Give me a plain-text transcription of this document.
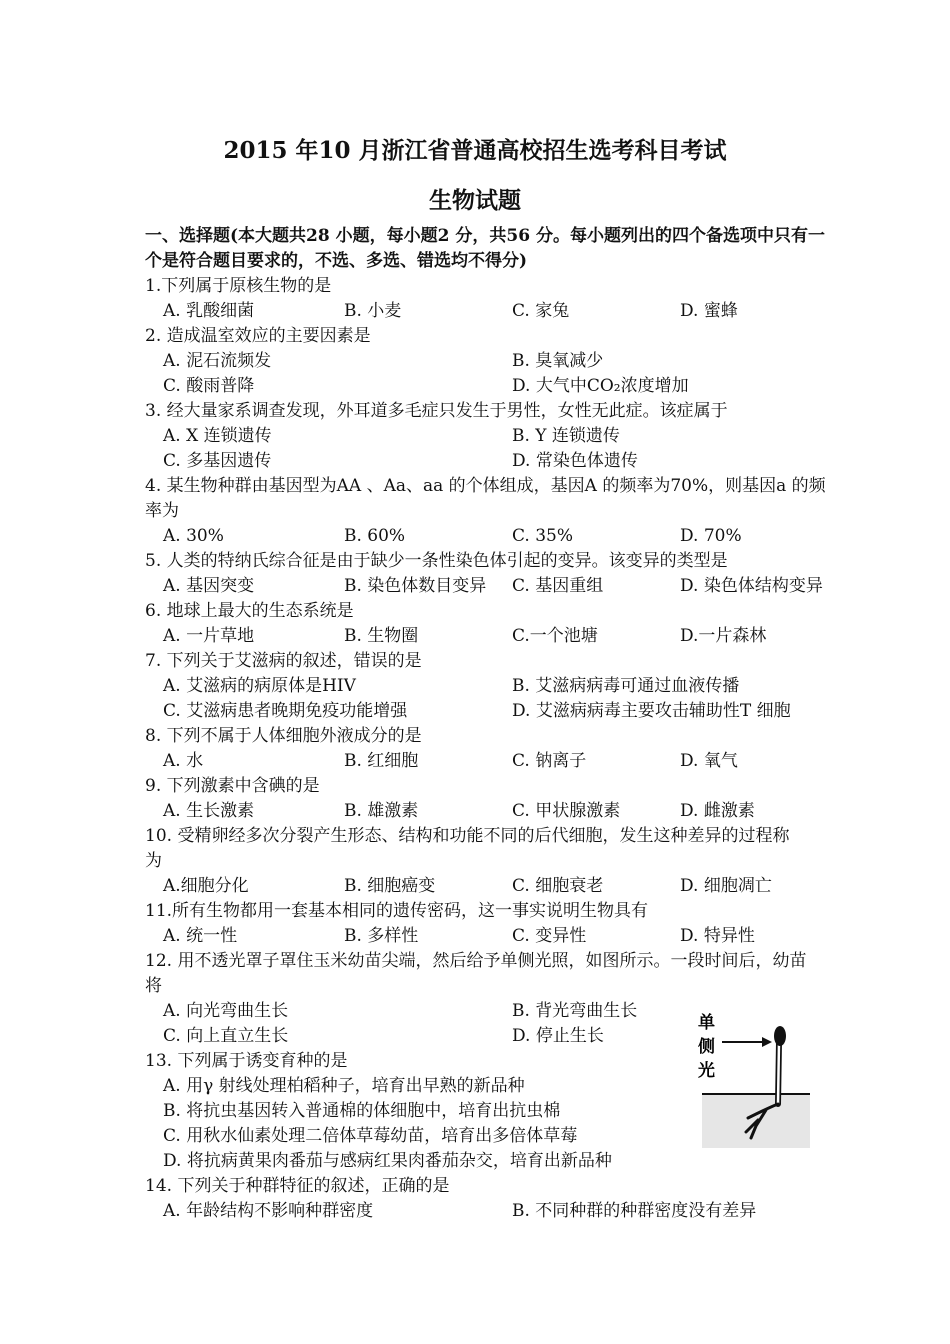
2015 年10 月浙江省普通高校招生选考科目考试
生物试题
一、选择题(本大题共28 小题，每小题2 分，共56 分。每小题列出的四个备选项中只有一
个是符合题目要求的，不选、多选、错选均不得分)
1.下列属于原核生物的是
A. 乳酸细菌	B. 小麦	C. 家兔	D. 蜜蜂
2. 造成温室效应的主要因素是
A. 泥石流频发	B. 臭氧减少
C. 酸雨普降	D. 大气中CO₂浓度增加
3. 经大量家系调查发现，外耳道多毛症只发生于男性，女性无此症。该症属于
A. X 连锁遗传	B. Y 连锁遗传
C. 多基因遗传	D. 常染色体遗传
4. 某生物种群由基因型为AA 、Aa、aa 的个体组成，基因A 的频率为70%，则基因a 的频
率为
A. 30%	B. 60%	C. 35%	D. 70%
5. 人类的特纳氏综合征是由于缺少一条性染色体引起的变异。该变异的类型是
A. 基因突变	B. 染色体数目变异 C. 基因重组	D. 染色体结构变异
6. 地球上最大的生态系统是
A. 一片草地	B. 生物圈	C.一个池塘	D.一片森林
7. 下列关于艾滋病的叙述，错误的是
A. 艾滋病的病原体是HIV	B. 艾滋病病毒可通过血液传播
C. 艾滋病患者晚期免疫功能增强	D. 艾滋病病毒主要攻击辅助性T 细胞
8. 下列不属于人体细胞外液成分的是
A. 水	B. 红细胞	C. 钠离子	D. 氧气
9. 下列激素中含碘的是
A. 生长激素	B. 雄激素	C. 甲状腺激素	D. 雌激素
10. 受精卵经多次分裂产生形态、结构和功能不同的后代细胞，发生这种差异的过程称
为
A.细胞分化	B. 细胞癌变	C. 细胞衰老	D. 细胞凋亡
11.所有生物都用一套基本相同的遗传密码，这一事实说明生物具有
A. 统一性	B. 多样性	C. 变异性	D. 特异性
12. 用不透光罩子罩住玉米幼苗尖端，然后给予单侧光照，如图所示。一段时间后，幼苗
将
A. 向光弯曲生长	B. 背光弯曲生长
C. 向上直立生长	D. 停止生长
13. 下列属于诱变育种的是
A. 用γ 射线处理柏稻种子，培育出早熟的新品种
B. 将抗虫基因转入普通棉的体细胞中，培育出抗虫棉
C. 用秋水仙素处理二倍体草莓幼苗，培育出多倍体草莓
D. 将抗病黄果肉番茄与感病红果肉番茄杂交，培育出新品种
14. 下列关于种群特征的叙述，正确的是
A. 年龄结构不影响种群密度	B. 不同种群的种群密度没有差异
单
侧
光
